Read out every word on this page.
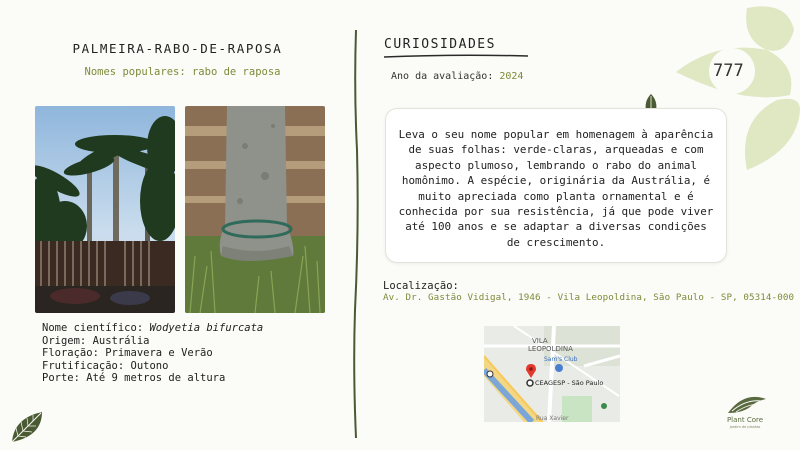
PALMEIRA-RABO-DE-RAPOSA
Nomes populares: rabo de raposa
Nome científico: Wodyetia bifurcata
Origem: Austrália
Floração: Primavera e Verão
Frutificação: Outono
Porte: Até 9 metros de altura
CURIOSIDADES
Ano da avaliação: 2024	777
Leva o seu nome popular em homenagem à aparência de suas folhas: verde-claras, arqueadas e com aspecto plumoso, lembrando o rabo do animal homônimo. A espécie, originária da Austrália, é muito apreciada como planta ornamental e é conhecida por sua resistência, já que pode viver até 100 anos e se adaptar a diversas condições de crescimento.
Localização:
Av. Dr. Gastão Vidigal, 1946 - Vila Leopoldina, São Paulo - SP, 05314-000
VILA
LEOPOLDINA
Sam's Club
CEAGESP - São Paulo
Rua Xavier	Plant Core
jardim de plantas
